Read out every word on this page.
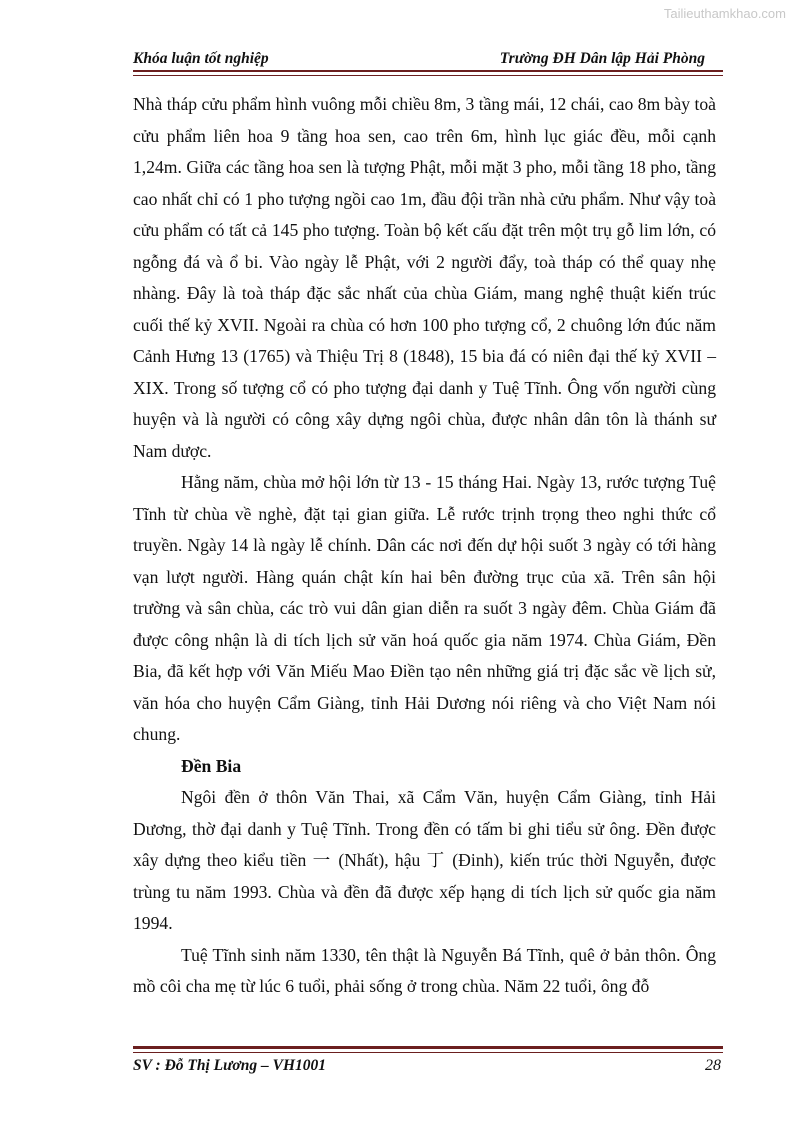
Tailieuthamkhao.com
Khóa luận tốt nghiệp	Trường ĐH Dân lập Hải Phòng

Nhà tháp cửu phẩm hình vuông mỗi chiều 8m, 3 tầng mái, 12 chái, cao 8m bày toà cửu phẩm liên hoa 9 tầng hoa sen, cao trên 6m, hình lục giác đều, mỗi cạnh 1,24m. Giữa các tầng hoa sen là tượng Phật, mỗi mặt 3 pho, mỗi tầng 18 pho, tầng cao nhất chỉ có 1 pho tượng ngồi cao 1m, đầu đội trần nhà cửu phẩm. Như vậy toà cửu phẩm có tất cả 145 pho tượng. Toàn bộ kết cấu đặt trên một trụ gỗ lim lớn, có ngỗng đá và ổ bi. Vào ngày lễ Phật, với 2 người đẩy, toà tháp có thể quay nhẹ nhàng. Đây là toà tháp đặc sắc nhất của chùa Giám, mang nghệ thuật kiến trúc cuối thế kỷ XVII. Ngoài ra chùa có hơn 100 pho tượng cổ, 2 chuông lớn đúc năm Cảnh Hưng 13 (1765) và Thiệu Trị 8 (1848), 15 bia đá có niên đại thế kỷ XVII – XIX. Trong số tượng cổ có pho tượng đại danh y Tuệ Tĩnh. Ông vốn người cùng huyện và là người có công xây dựng ngôi chùa, được nhân dân tôn là thánh sư Nam dược.

Hằng năm, chùa mở hội lớn từ 13 - 15 tháng Hai. Ngày 13, rước tượng Tuệ Tĩnh từ chùa về nghè, đặt tại gian giữa. Lễ rước trịnh trọng theo nghi thức cổ truyền. Ngày 14 là ngày lễ chính. Dân các nơi đến dự hội suốt 3 ngày có tới hàng vạn lượt người. Hàng quán chật kín hai bên đường trục của xã. Trên sân hội trường và sân chùa, các trò vui dân gian diễn ra suốt 3 ngày đêm. Chùa Giám đã được công nhận là di tích lịch sử văn hoá quốc gia năm 1974. Chùa Giám, Đền Bia, đã kết hợp với Văn Miếu Mao Điền tạo nên những giá trị đặc sắc về lịch sử, văn hóa cho huyện Cẩm Giàng, tỉnh Hải Dương nói riêng và cho Việt Nam nói chung.

Đền Bia

Ngôi đền ở thôn Văn Thai, xã Cẩm Văn, huyện Cẩm Giàng, tỉnh Hải Dương, thờ đại danh y Tuệ Tĩnh. Trong đền có tấm bi ghi tiểu sử ông. Đền được xây dựng theo kiểu tiền 一 (Nhất), hậu 丁 (Đinh), kiến trúc thời Nguyễn, được trùng tu năm 1993. Chùa và đền đã được xếp hạng di tích lịch sử quốc gia năm 1994.

Tuệ Tĩnh sinh năm 1330, tên thật là Nguyễn Bá Tĩnh, quê ở bản thôn. Ông mồ côi cha mẹ từ lúc 6 tuổi, phải sống ở trong chùa. Năm 22 tuổi, ông đỗ

SV : Đỗ Thị Lương – VH1001	28
